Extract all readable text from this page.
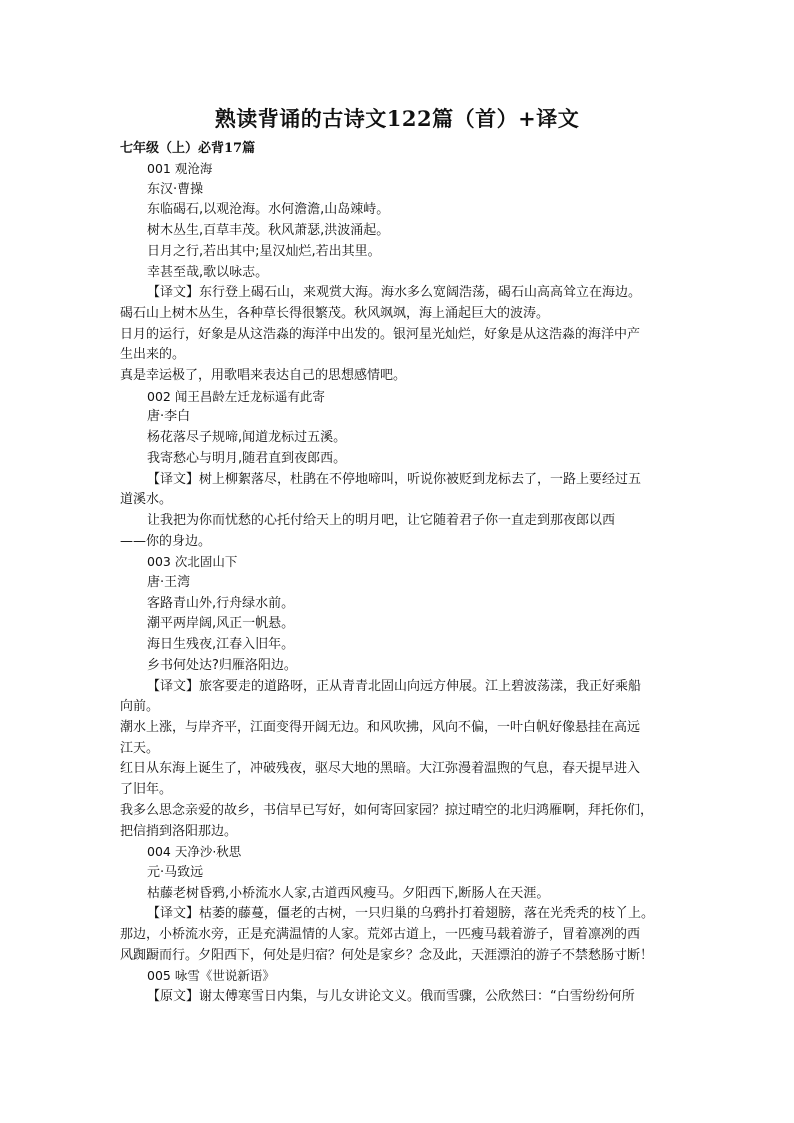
熟读背诵的古诗文122篇（首）+译文
七年级（上）必背17篇
001 观沧海
东汉·曹操
东临碣石,以观沧海。水何澹澹,山岛竦峙。
树木丛生,百草丰茂。秋风萧瑟,洪波涌起。
日月之行,若出其中;星汉灿烂,若出其里。
幸甚至哉,歌以咏志。
【译文】东行登上碣石山，来观赏大海。海水多么宽阔浩荡，碣石山高高耸立在海边。
碣石山上树木丛生，各种草长得很繁茂。秋风飒飒，海上涌起巨大的波涛。
日月的运行，好象是从这浩淼的海洋中出发的。银河星光灿烂，好象是从这浩淼的海洋中产
生出来的。
真是幸运极了，用歌唱来表达自己的思想感情吧。
002 闻王昌龄左迁龙标遥有此寄
唐·李白
杨花落尽子规啼,闻道龙标过五溪。
我寄愁心与明月,随君直到夜郎西。
【译文】树上柳絮落尽，杜鹃在不停地啼叫，听说你被贬到龙标去了，一路上要经过五
道溪水。
让我把为你而忧愁的心托付给天上的明月吧，让它随着君子你一直走到那夜郎以西
——你的身边。
003 次北固山下
唐·王湾
客路青山外,行舟绿水前。
潮平两岸阔,风正一帆悬。
海日生残夜,江春入旧年。
乡书何处达?归雁洛阳边。
【译文】旅客要走的道路呀，正从青青北固山向远方伸展。江上碧波荡漾，我正好乘船
向前。
潮水上涨，与岸齐平，江面变得开阔无边。和风吹拂，风向不偏，一叶白帆好像悬挂在高远
江天。
红日从东海上诞生了，冲破残夜，驱尽大地的黑暗。大江弥漫着温煦的气息，春天提早进入
了旧年。
我多么思念亲爱的故乡，书信早已写好，如何寄回家园？掠过晴空的北归鸿雁啊，拜托你们，
把信捎到洛阳那边。
004 天净沙·秋思
元·马致远
枯藤老树昏鸦,小桥流水人家,古道西风瘦马。夕阳西下,断肠人在天涯。
【译文】枯萎的藤蔓，僵老的古树，一只归巢的乌鸦扑打着翅膀，落在光秃秃的枝丫上。
那边，小桥流水旁，正是充满温情的人家。荒郊古道上，一匹瘦马载着游子，冒着凛冽的西
风踟蹰而行。夕阳西下，何处是归宿？何处是家乡？念及此，天涯漂泊的游子不禁愁肠寸断！
005 咏雪《世说新语》
【原文】谢太傅寒雪日内集，与儿女讲论文义。俄而雪骤，公欣然曰：“白雪纷纷何所
